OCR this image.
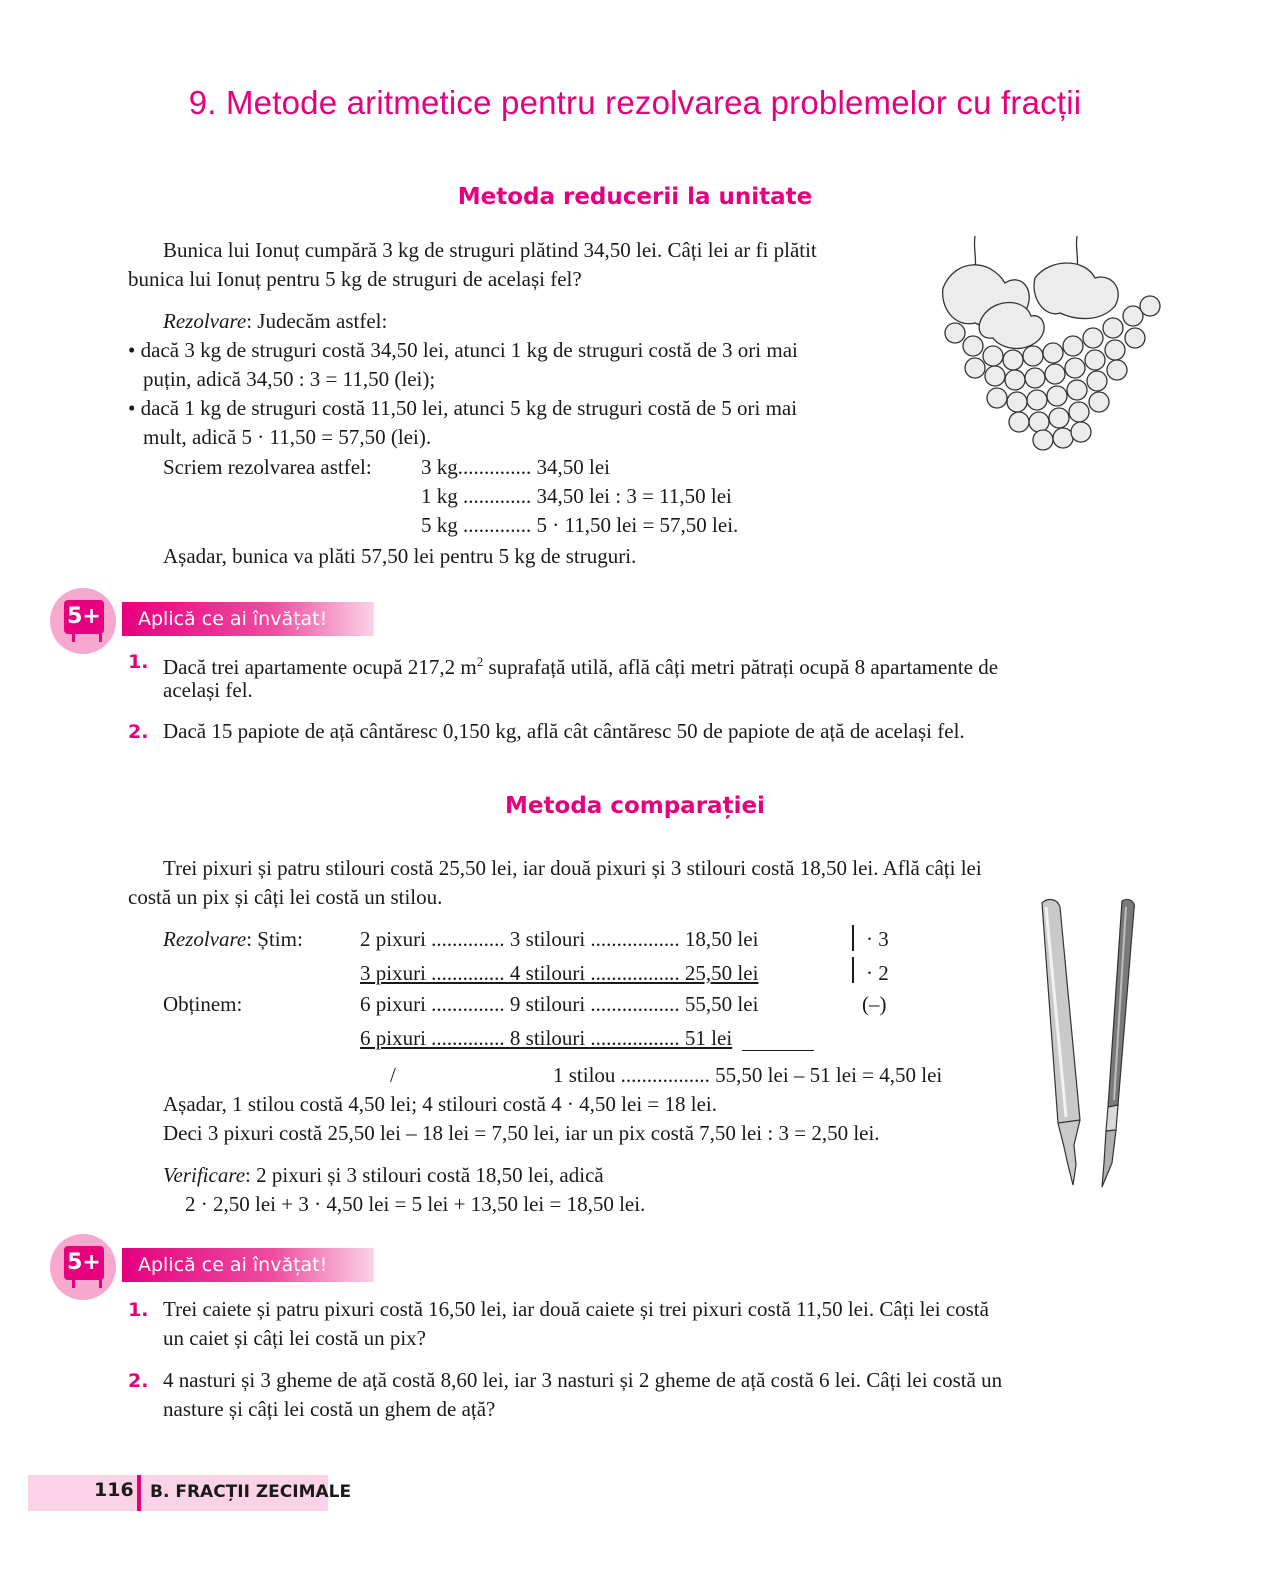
9. Metode aritmetice pentru rezolvarea problemelor cu fracții
Metoda reducerii la unitate
Bunica lui Ionuț cumpără 3 kg de struguri plătind 34,50 lei. Câți lei ar fi plătit
bunica lui Ionuț pentru 5 kg de struguri de același fel?
Rezolvare: Judecăm astfel:
• dacă 3 kg de struguri costă 34,50 lei, atunci 1 kg de struguri costă de 3 ori mai
puțin, adică 34,50 : 3 = 11,50 (lei);
• dacă 1 kg de struguri costă 11,50 lei, atunci 5 kg de struguri costă de 5 ori mai
mult, adică 5 · 11,50 = 57,50 (lei).
Scriem rezolvarea astfel: 3 kg.............. 34,50 lei
1 kg ............. 34,50 lei : 3 = 11,50 lei
5 kg ............. 5 · 11,50 lei = 57,50 lei.
Așadar, bunica va plăti 57,50 lei pentru 5 kg de struguri.
5+	Aplică ce ai învățat!
1. Dacă trei apartamente ocupă 217,2 $m^2$ suprafață utilă, află câți metri pătrați ocupă 8 apartamente de
același fel.
2. Dacă 15 papiote de ață cântăresc 0,150 kg, află cât cântăresc 50 de papiote de ață de același fel.
Metoda comparației
Trei pixuri și patru stilouri costă 25,50 lei, iar două pixuri și 3 stilouri costă 18,50 lei. Află câți lei
costă un pix și câți lei costă un stilou.
Rezolvare: Știm:	2 pixuri .............. 3 stilouri ................. 18,50 lei	· 3
3 pixuri .............. 4 stilouri ................. 25,50 lei	· 2
Obținem:	6 pixuri .............. 9 stilouri ................. 55,50 lei	(–)
6 pixuri .............. 8 stilouri ................. 51 lei
/	1 stilou ................. 55,50 lei – 51 lei = 4,50 lei
Așadar, 1 stilou costă 4,50 lei; 4 stilouri costă 4 · 4,50 lei = 18 lei.
Deci 3 pixuri costă 25,50 lei – 18 lei = 7,50 lei, iar un pix costă 7,50 lei : 3 = 2,50 lei.
Verificare: 2 pixuri și 3 stilouri costă 18,50 lei, adică
2 · 2,50 lei + 3 · 4,50 lei = 5 lei + 13,50 lei = 18,50 lei.
5+	Aplică ce ai învățat!
1. Trei caiete și patru pixuri costă 16,50 lei, iar două caiete și trei pixuri costă 11,50 lei. Câți lei costă
un caiet și câți lei costă un pix?
2. 4 nasturi și 3 gheme de ață costă 8,60 lei, iar 3 nasturi și 2 gheme de ață costă 6 lei. Câți lei costă un
nasture și câți lei costă un ghem de ață?
116 B. FRACȚII ZECIMALE
